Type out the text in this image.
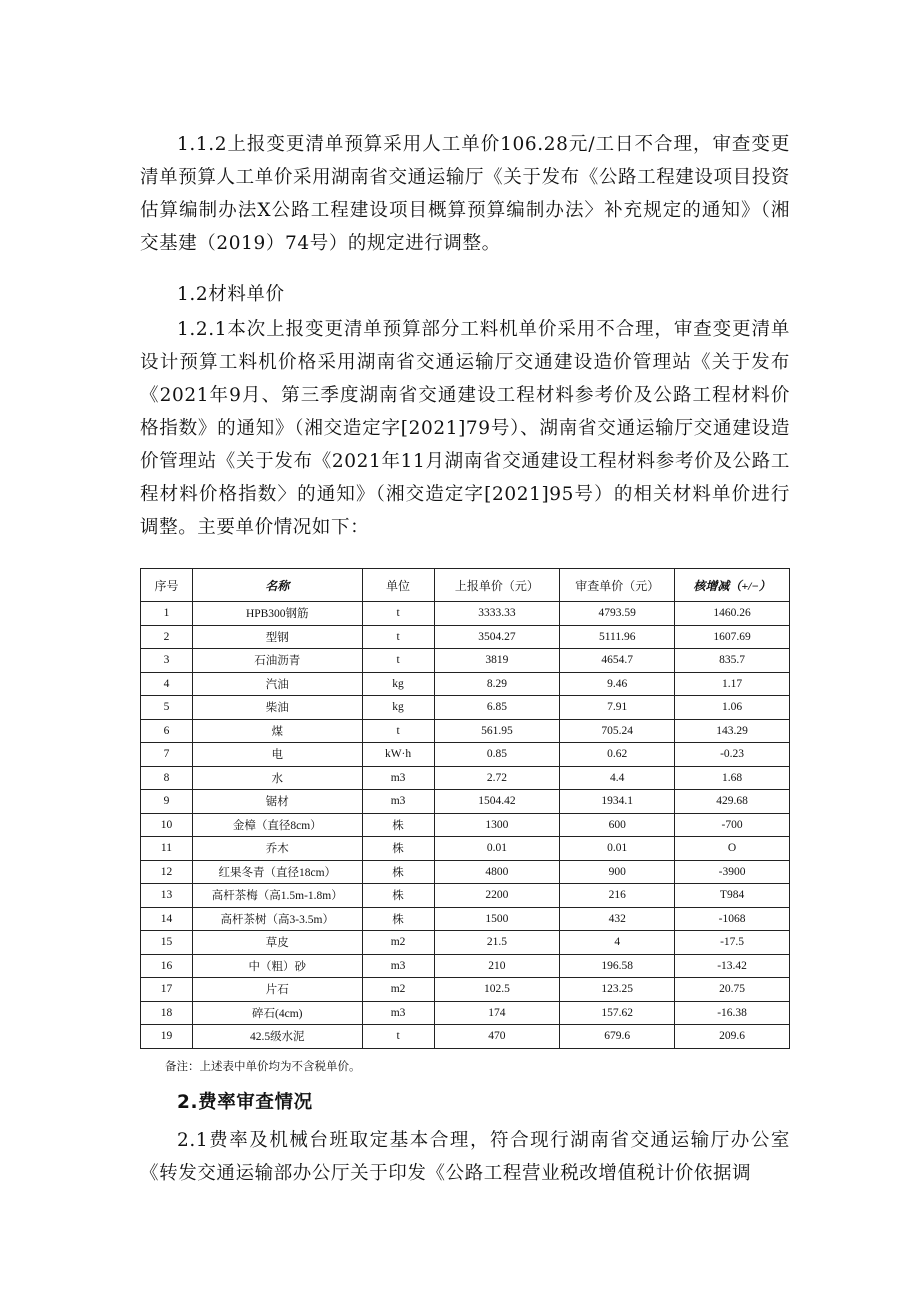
1.1.2上报变更清单预算采用人工单价106.28元/工日不合理，审查变更清单预算人工单价采用湖南省交通运输厅《关于发布《公路工程建设项目投资估算编制办法X公路工程建设项目概算预算编制办法〉补充规定的通知》（湘交基建（2019）74号）的规定进行调整。

1.2材料单价

1.2.1本次上报变更清单预算部分工料机单价采用不合理，审查变更清单设计预算工料机价格采用湖南省交通运输厅交通建设造价管理站《关于发布《2021年9月、第三季度湖南省交通建设工程材料参考价及公路工程材料价格指数》的通知》（湘交造定字[2021]79号）、湖南省交通运输厅交通建设造价管理站《关于发布《2021年11月湖南省交通建设工程材料参考价及公路工程材料价格指数〉的通知》（湘交造定字[2021]95号）的相关材料单价进行调整。主要单价情况如下：

序号	名称	单位	上报单价（元）	审查单价（元）	核增减（+/−）
1	HPB300钢筋	t	3333.33	4793.59	1460.26
2	型钢	t	3504.27	5111.96	1607.69
3	石油沥青	t	3819	4654.7	835.7
4	汽油	kg	8.29	9.46	1.17
5	柴油	kg	6.85	7.91	1.06
6	煤	t	561.95	705.24	143.29
7	电	kW·h	0.85	0.62	-0.23
8	水	m3	2.72	4.4	1.68
9	锯材	m3	1504.42	1934.1	429.68
10	金樟（直径8cm）	株	1300	600	-700
11	乔木	株	0.01	0.01	O
12	红果冬青（直径18cm）	株	4800	900	-3900
13	高杆茶梅（高1.5m-1.8m）	株	2200	216	T984
14	高杆茶树（高3-3.5m）	株	1500	432	-1068
15	草皮	m2	21.5	4	-17.5
16	中（粗）砂	m3	210	196.58	-13.42
17	片石	m2	102.5	123.25	20.75
18	碎石(4cm)	m3	174	157.62	-16.38
19	42.5级水泥	t	470	679.6	209.6

备注：上述表中单价均为不含税单价。

2.费率审查情况

2.1费率及机械台班取定基本合理，符合现行湖南省交通运输厅办公室《转发交通运输部办公厅关于印发《公路工程营业税改增值税计价依据调
